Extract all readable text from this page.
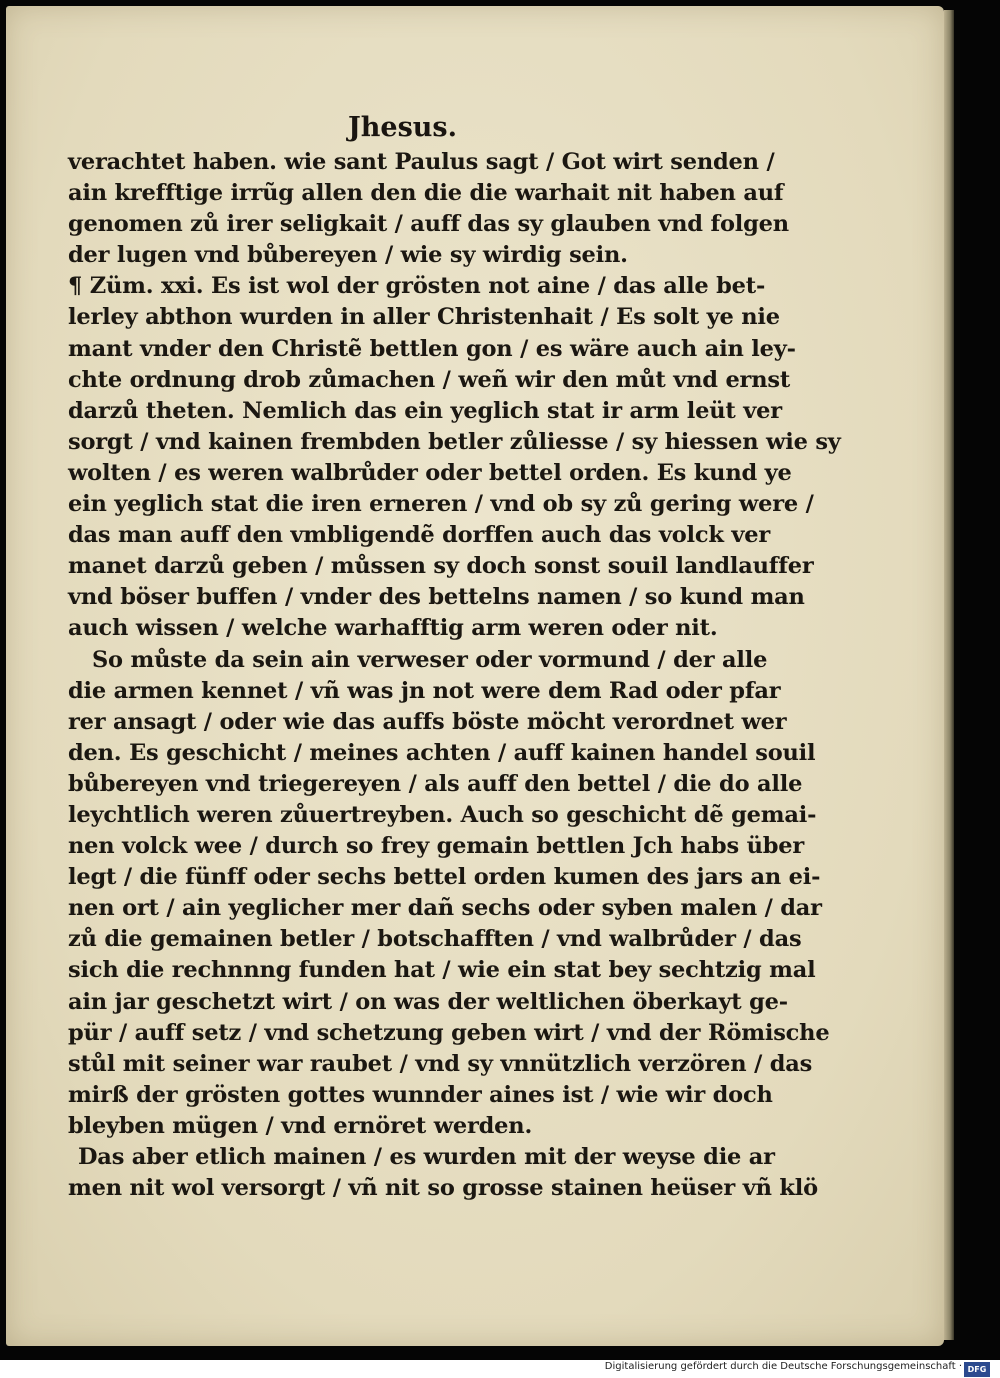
Jhesus.
verachtet haben. wie sant Paulus sagt / Got wirt senden /
ain krefftige irrũg allen den die die warhait nit haben auf
genomen zů irer seligkait / auff das sy glauben vnd folgen
der lugen vnd bůbereyen / wie sy wirdig sein.
¶ Züm. xxi. Es ist wol der grösten not aine / das alle bet-
lerley abthon wurden in aller Christenhait / Es solt ye nie
mant vnder den Christẽ bettlen gon / es wäre auch ain ley-
chte ordnung drob zůmachen / weñ wir den můt vnd ernst
darzů theten. Nemlich das ein yeglich stat ir arm leüt ver
sorgt / vnd kainen frembden betler zůliesse / sy hiessen wie sy
wolten / es weren walbrůder oder bettel orden. Es kund ye
ein yeglich stat die iren erneren / vnd ob sy zů gering were /
das man auff den vmbligendẽ dorffen auch das volck ver
manet darzů geben / můssen sy doch sonst souil landlauffer
vnd böser buffen / vnder des bettelns namen / so kund man
auch wissen / welche warhafftig arm weren oder nit.
So můste da sein ain verweser oder vormund / der alle
die armen kennet / vñ was jn not were dem Rad oder pfar
rer ansagt / oder wie das auffs böste möcht verordnet wer
den. Es geschicht / meines achten / auff kainen handel souil
bůbereyen vnd triegereyen / als auff den bettel / die do alle
leychtlich weren zůuertreyben. Auch so geschicht dẽ gemai-
nen volck wee / durch so frey gemain bettlen Jch habs über
legt / die fünff oder sechs bettel orden kumen des jars an ei-
nen ort / ain yeglicher mer dañ sechs oder syben malen / dar
zů die gemainen betler / botschafften / vnd walbrůder / das
sich die rechnnng funden hat / wie ein stat bey sechtzig mal
ain jar geschetzt wirt / on was der weltlichen öberkayt ge-
pür / auff setz / vnd schetzung geben wirt / vnd der Römische
stůl mit seiner war raubet / vnd sy vnnützlich verzören / das
mirß der grösten gottes wunnder aines ist / wie wir doch
bleyben mügen / vnd ernöret werden.
Das aber etlich mainen / es wurden mit der weyse die ar
men nit wol versorgt / vñ nit so grosse stainen heüser vñ klö
Digitalisierung gefördert durch die Deutsche Forschungsgemeinschaft · DFG
